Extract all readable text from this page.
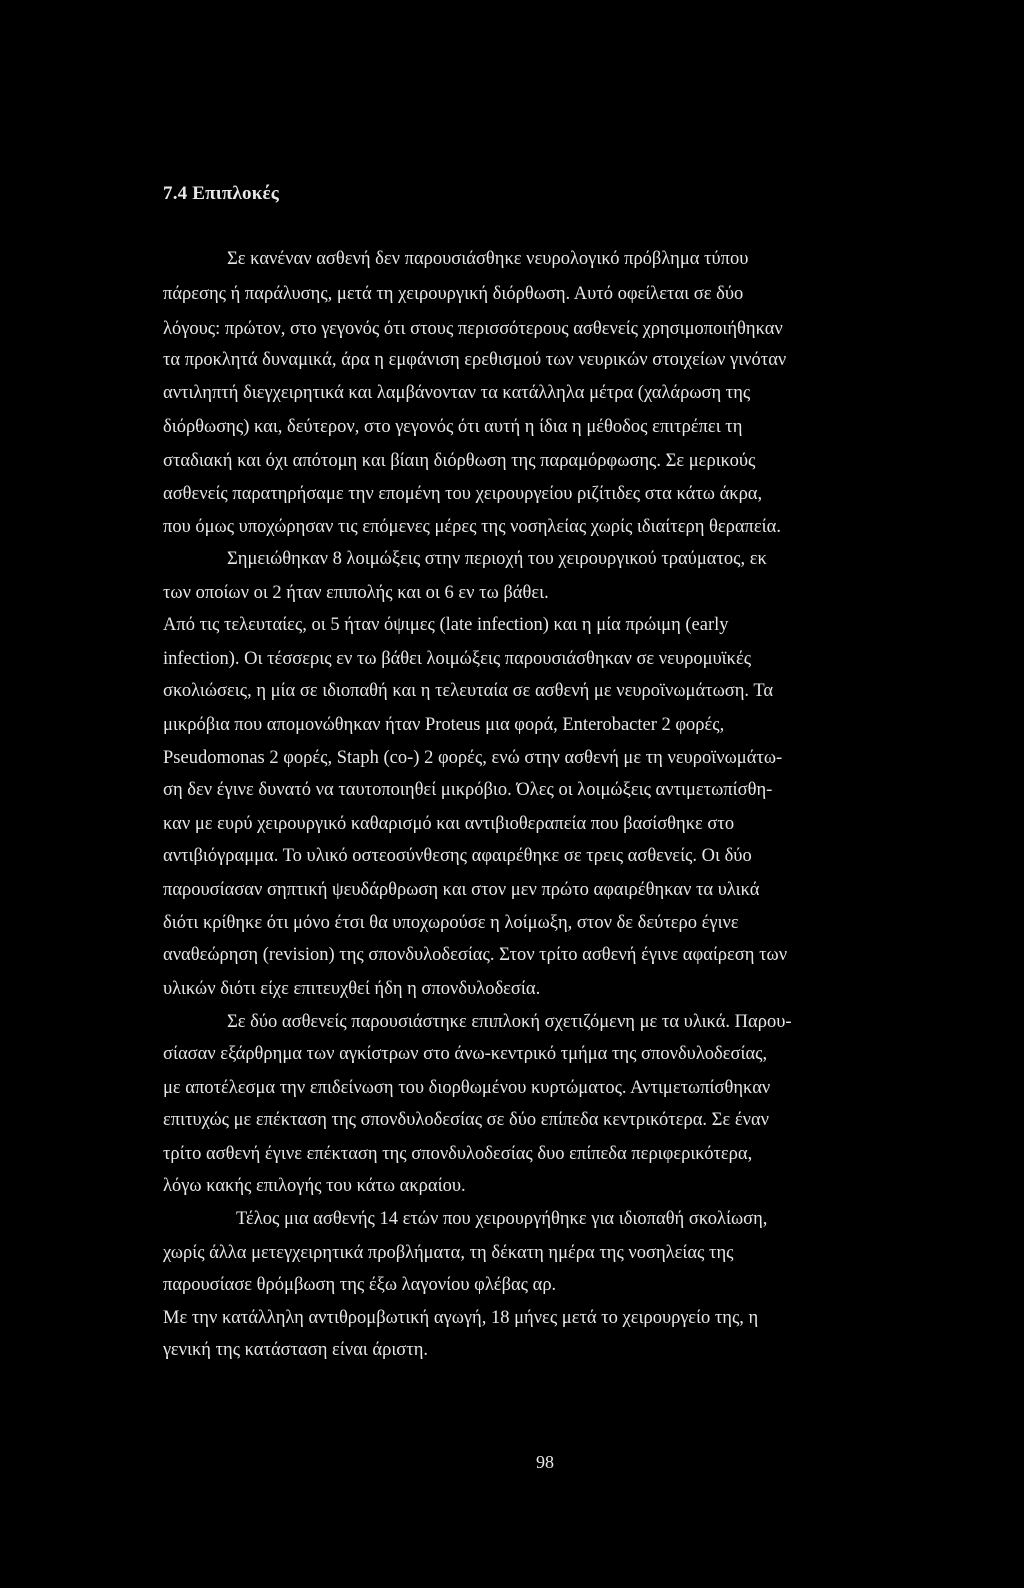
7.4 Επιπλοκές
Σε κανέναν ασθενή δεν παρουσιάσθηκε νευρολογικό πρόβλημα τύπου
πάρεσης ή παράλυσης, μετά τη χειρουργική διόρθωση. Αυτό οφείλεται σε δύο
λόγους: πρώτον, στο γεγονός ότι στους περισσότερους ασθενείς χρησιμοποιήθηκαν
τα προκλητά δυναμικά, άρα η εμφάνιση ερεθισμού των νευρικών στοιχείων γινόταν
αντιληπτή διεγχειρητικά και λαμβάνονταν τα κατάλληλα μέτρα (χαλάρωση της
διόρθωσης) και, δεύτερον, στο γεγονός ότι αυτή η ίδια η μέθοδος επιτρέπει τη
σταδιακή και όχι απότομη και βίαιη διόρθωση της παραμόρφωσης. Σε μερικούς
ασθενείς παρατηρήσαμε την επομένη του χειρουργείου ριζίτιδες στα κάτω άκρα,
που όμως υποχώρησαν τις επόμενες μέρες της νοσηλείας χωρίς ιδιαίτερη θεραπεία.
Σημειώθηκαν 8 λοιμώξεις στην περιοχή του χειρουργικού τραύματος, εκ
των οποίων οι 2 ήταν επιπολής και οι 6 εν τω βάθει.
Από τις τελευταίες, οι 5 ήταν όψιμες (late infection) και η μία πρώιμη (early
infection). Οι τέσσερις εν τω βάθει λοιμώξεις παρουσιάσθηκαν σε νευρομυϊκές
σκολιώσεις, η μία σε ιδιοπαθή και η τελευταία σε ασθενή με νευροϊνωμάτωση. Τα
μικρόβια που απομονώθηκαν ήταν Proteus μια φορά, Enterobacter 2 φορές,
Pseudomonas 2 φορές, Staph (co-) 2 φορές, ενώ στην ασθενή με τη νευροϊνωμάτω-
ση δεν έγινε δυνατό να ταυτοποιηθεί μικρόβιο. Όλες οι λοιμώξεις αντιμετωπίσθη-
καν με ευρύ χειρουργικό καθαρισμό και αντιβιοθεραπεία που βασίσθηκε στο
αντιβιόγραμμα. Το υλικό οστεοσύνθεσης αφαιρέθηκε σε τρεις ασθενείς. Οι δύο
παρουσίασαν σηπτική ψευδάρθρωση και στον μεν πρώτο αφαιρέθηκαν τα υλικά
διότι κρίθηκε ότι μόνο έτσι θα υποχωρούσε η λοίμωξη, στον δε δεύτερο έγινε
αναθεώρηση (revision) της σπονδυλοδεσίας. Στον τρίτο ασθενή έγινε αφαίρεση των
υλικών διότι είχε επιτευχθεί ήδη η σπονδυλοδεσία.
Σε δύο ασθενείς παρουσιάστηκε επιπλοκή σχετιζόμενη με τα υλικά. Παρου-
σίασαν εξάρθρημα των αγκίστρων στο άνω-κεντρικό τμήμα της σπονδυλοδεσίας,
με αποτέλεσμα την επιδείνωση του διορθωμένου κυρτώματος. Αντιμετωπίσθηκαν
επιτυχώς με επέκταση της σπονδυλοδεσίας σε δύο επίπεδα κεντρικότερα. Σε έναν
τρίτο ασθενή έγινε επέκταση της σπονδυλοδεσίας δυο επίπεδα περιφερικότερα,
λόγω κακής επιλογής του κάτω ακραίου.
Τέλος μια ασθενής 14 ετών που χειρουργήθηκε για ιδιοπαθή σκολίωση,
χωρίς άλλα μετεγχειρητικά προβλήματα, τη δέκατη ημέρα της νοσηλείας της
παρουσίασε θρόμβωση της έξω λαγονίου φλέβας αρ.
Με την κατάλληλη αντιθρομβωτική αγωγή, 18 μήνες μετά το χειρουργείο της, η
γενική της κατάσταση είναι άριστη.
98
